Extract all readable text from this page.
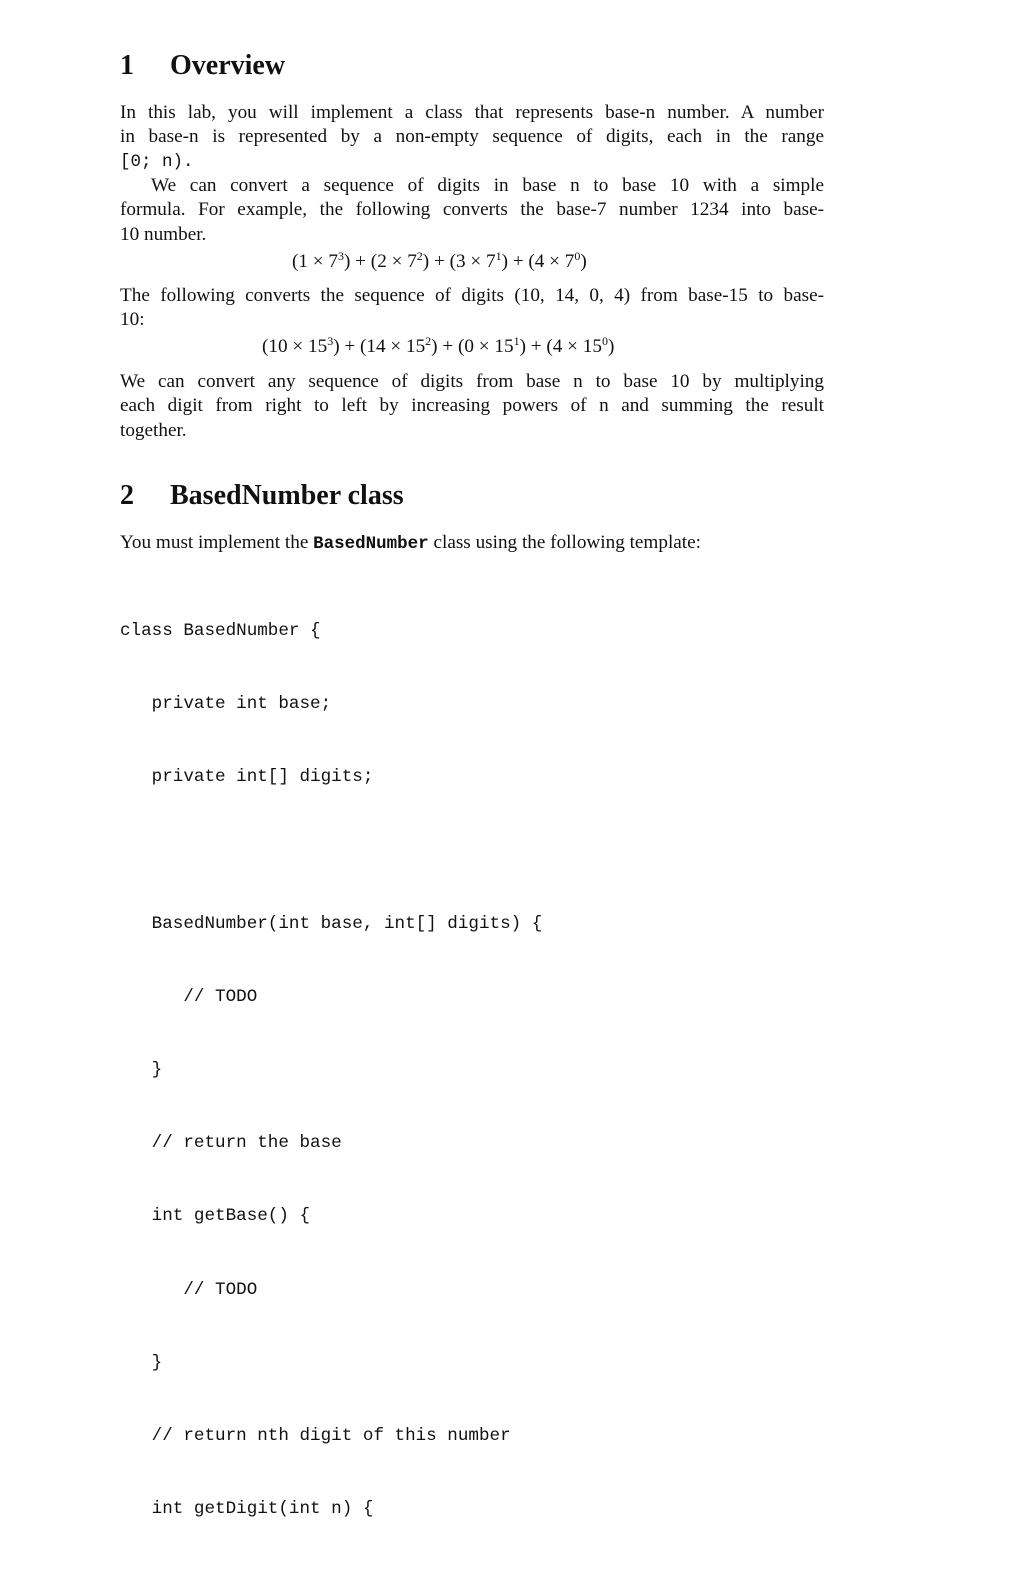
1 Overview
In this lab, you will implement a class that represents base-n number. A number
in base-n is represented by a non-empty sequence of digits, each in the range
[0; n).
We can convert a sequence of digits in base n to base 10 with a simple
formula. For example, the following converts the base-7 number 1234 into base-
10 number.
$(1 \times 7^3) + (2 \times 7^2) + (3 \times 7^1) + (4 \times 7^0)$
The following converts the sequence of digits (10, 14, 0, 4) from base-15 to base-
10:
$(10 \times 15^3) + (14 \times 15^2) + (0 \times 15^1) + (4 \times 15^0)$
We can convert any sequence of digits from base n to base 10 by multiplying
each digit from right to left by increasing powers of n and summing the result
together.
2 BasedNumber class
You must implement the BasedNumber class using the following template:

class BasedNumber {

private int base;

private int[] digits;

BasedNumber(int base, int[] digits) {

// TODO

}

// return the base

int getBase() {

// TODO

}

// return nth digit of this number

int getDigit(int n) {
